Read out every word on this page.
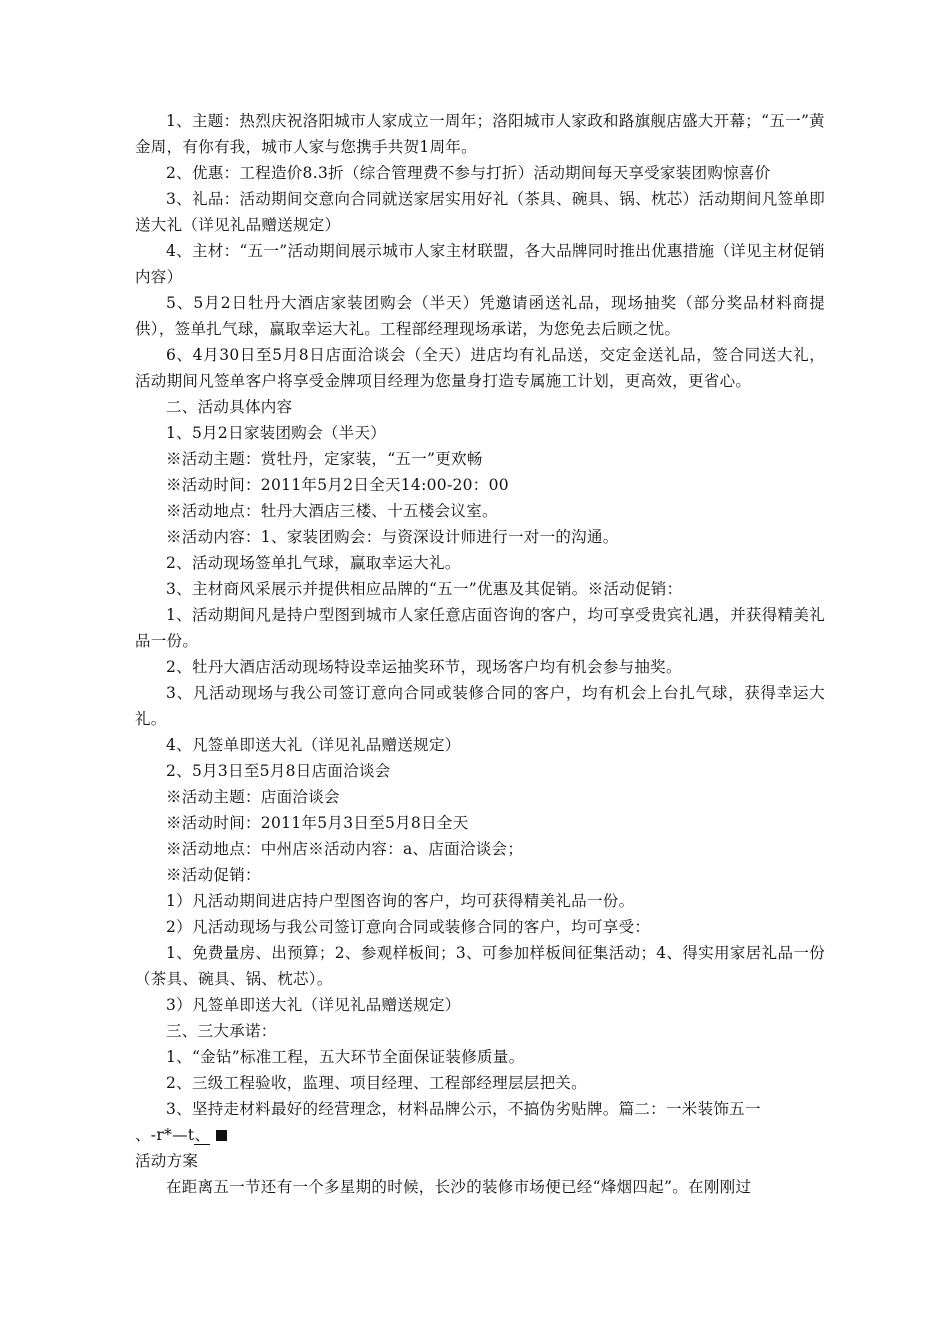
1、主题：热烈庆祝洛阳城市人家成立一周年；洛阳城市人家政和路旗舰店盛大开幕；“五一”黄金周，有你有我，城市人家与您携手共贺1周年。

2、优惠：工程造价8.3折（综合管理费不参与打折）活动期间每天享受家装团购惊喜价

3、礼品：活动期间交意向合同就送家居实用好礼（茶具、碗具、锅、枕芯）活动期间凡签单即送大礼（详见礼品赠送规定）

4、主材：“五一”活动期间展示城市人家主材联盟，各大品牌同时推出优惠措施（详见主材促销内容）

5、5月2日牡丹大酒店家装团购会（半天）凭邀请函送礼品，现场抽奖（部分奖品材料商提供），签单扎气球，赢取幸运大礼。工程部经理现场承诺，为您免去后顾之忧。

6、4月30日至5月8日店面洽谈会（全天）进店均有礼品送，交定金送礼品，签合同送大礼，活动期间凡签单客户将享受金牌项目经理为您量身打造专属施工计划，更高效，更省心。

二、活动具体内容

1、5月2日家装团购会（半天）

※活动主题：赏牡丹，定家装，“五一”更欢畅

※活动时间：2011年5月2日全天14:00-20：00

※活动地点：牡丹大酒店三楼、十五楼会议室。

※活动内容：1、家装团购会：与资深设计师进行一对一的沟通。

2、活动现场签单扎气球，赢取幸运大礼。

3、主材商风采展示并提供相应品牌的“五一”优惠及其促销。※活动促销：

1、活动期间凡是持户型图到城市人家任意店面咨询的客户，均可享受贵宾礼遇，并获得精美礼品一份。

2、牡丹大酒店活动现场特设幸运抽奖环节，现场客户均有机会参与抽奖。

3、凡活动现场与我公司签订意向合同或装修合同的客户，均有机会上台扎气球，获得幸运大礼。

4、凡签单即送大礼（详见礼品赠送规定）

2、5月3日至5月8日店面洽谈会

※活动主题：店面洽谈会

※活动时间：2011年5月3日至5月8日全天

※活动地点：中州店※活动内容：a、店面洽谈会；

※活动促销：

1）凡活动期间进店持户型图咨询的客户，均可获得精美礼品一份。

2）凡活动现场与我公司签订意向合同或装修合同的客户，均可享受：

1、免费量房、出预算；2、参观样板间；3、可参加样板间征集活动；4、得实用家居礼品一份（茶具、碗具、锅、枕芯）。

3）凡签单即送大礼（详见礼品赠送规定）

三、三大承诺：

1、“金钻”标准工程，五大环节全面保证装修质量。

2、三级工程验收，监理、项目经理、工程部经理层层把关。

3、坚持走材料最好的经营理念，材料品牌公示，不搞伪劣贴牌。篇二：一米装饰五一

、-r*—t、

活动方案

在距离五一节还有一个多星期的时候，长沙的装修市场便已经“烽烟四起”。在刚刚过
